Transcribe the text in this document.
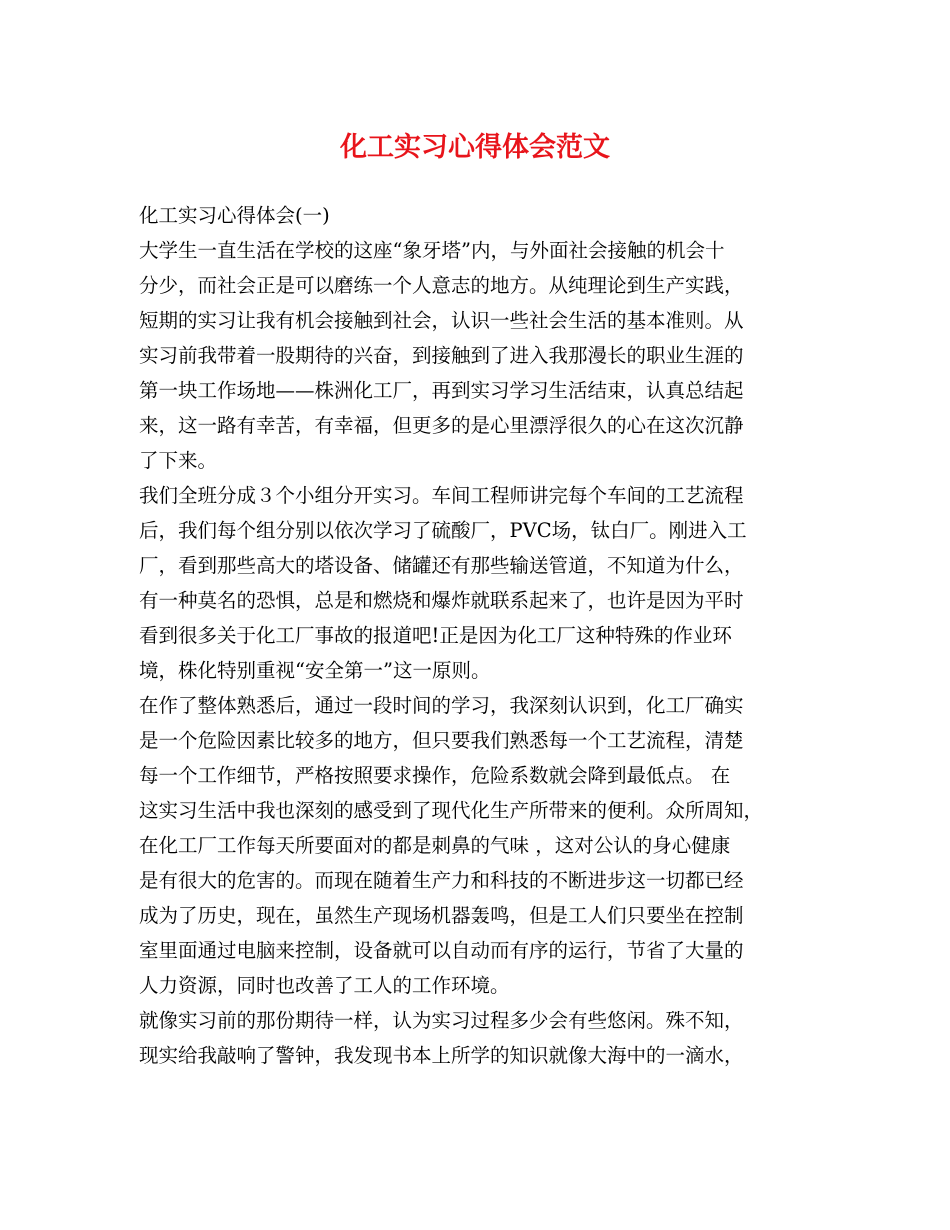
化工实习心得体会范文
化工实习心得体会(一)
大学生一直生活在学校的这座“象牙塔”内，与外面社会接触的机会十
分少，而社会正是可以磨练一个人意志的地方。从纯理论到生产实践，
短期的实习让我有机会接触到社会，认识一些社会生活的基本准则。从
实习前我带着一股期待的兴奋，到接触到了进入我那漫长的职业生涯的
第一块工作场地——株洲化工厂，再到实习学习生活结束，认真总结起
来，这一路有幸苦，有幸福，但更多的是心里漂浮很久的心在这次沉静
了下来。
我们全班分成３个小组分开实习。车间工程师讲完每个车间的工艺流程
后，我们每个组分别以依次学习了硫酸厂，PVC场，钛白厂。刚进入工
厂，看到那些高大的塔设备、储罐还有那些输送管道，不知道为什么，
有一种莫名的恐惧，总是和燃烧和爆炸就联系起来了，也许是因为平时
看到很多关于化工厂事故的报道吧!正是因为化工厂这种特殊的作业环
境，株化特别重视“安全第一”这一原则。
在作了整体熟悉后，通过一段时间的学习，我深刻认识到，化工厂确实
是一个危险因素比较多的地方，但只要我们熟悉每一个工艺流程，清楚
每一个工作细节，严格按照要求操作，危险系数就会降到最低点。 在
这实习生活中我也深刻的感受到了现代化生产所带来的便利。众所周知，
在化工厂工作每天所要面对的都是刺鼻的气味 ，这对公认的身心健康
是有很大的危害的。而现在随着生产力和科技的不断进步这一切都已经
成为了历史，现在，虽然生产现场机器轰鸣，但是工人们只要坐在控制
室里面通过电脑来控制，设备就可以自动而有序的运行，节省了大量的
人力资源，同时也改善了工人的工作环境。
就像实习前的那份期待一样，认为实习过程多少会有些悠闲。殊不知，
现实给我敲响了警钟，我发现书本上所学的知识就像大海中的一滴水，
